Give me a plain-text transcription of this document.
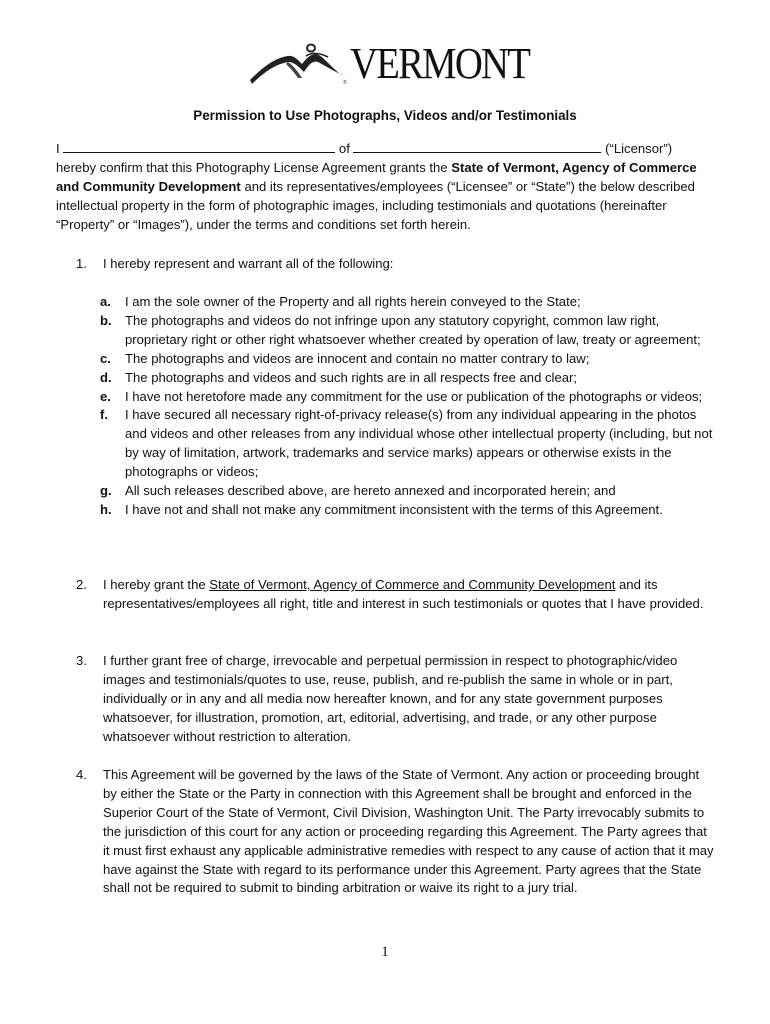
® VERMONT
Permission to Use Photographs, Videos and/or Testimonials
I	of	(“Licensor”)
hereby confirm that this Photography License Agreement grants the State of Vermont, Agency of Commerce and Community Development and its representatives/employees (“Licensee” or “State”) the below described intellectual property in the form of photographic images, including testimonials and quotations (hereinafter “Property” or “Images”), under the terms and conditions set forth herein.
1. I hereby represent and warrant all of the following:
a. I am the sole owner of the Property and all rights herein conveyed to the State;
b. The photographs and videos do not infringe upon any statutory copyright, common law right, proprietary right or other right whatsoever whether created by operation of law, treaty or agreement;
c. The photographs and videos are innocent and contain no matter contrary to law;
d. The photographs and videos and such rights are in all respects free and clear;
e. I have not heretofore made any commitment for the use or publication of the photographs or videos;
f. I have secured all necessary right-of-privacy release(s) from any individual appearing in the photos and videos and other releases from any individual whose other intellectual property (including, but not by way of limitation, artwork, trademarks and service marks) appears or otherwise exists in the photographs or videos;
g. All such releases described above, are hereto annexed and incorporated herein; and
h. I have not and shall not make any commitment inconsistent with the terms of this Agreement.
2. I hereby grant the State of Vermont, Agency of Commerce and Community Development and its representatives/employees all right, title and interest in such testimonials or quotes that I have provided.
3. I further grant free of charge, irrevocable and perpetual permission in respect to photographic/video images and testimonials/quotes to use, reuse, publish, and re-publish the same in whole or in part, individually or in any and all media now hereafter known, and for any state government purposes whatsoever, for illustration, promotion, art, editorial, advertising, and trade, or any other purpose whatsoever without restriction to alteration.
4. This Agreement will be governed by the laws of the State of Vermont. Any action or proceeding brought by either the State or the Party in connection with this Agreement shall be brought and enforced in the Superior Court of the State of Vermont, Civil Division, Washington Unit. The Party irrevocably submits to the jurisdiction of this court for any action or proceeding regarding this Agreement. The Party agrees that it must first exhaust any applicable administrative remedies with respect to any cause of action that it may have against the State with regard to its performance under this Agreement. Party agrees that the State shall not be required to submit to binding arbitration or waive its right to a jury trial.
1
